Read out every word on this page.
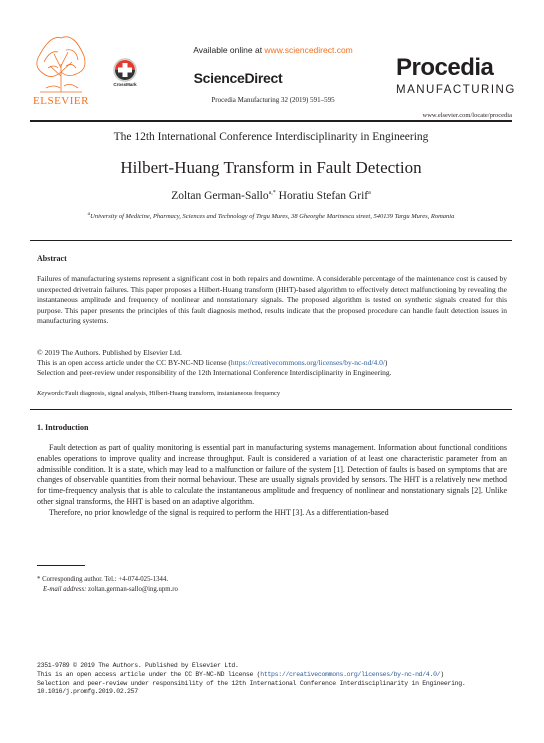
ELSEVIER
Available online at www.sciencedirect.com
CrossMark	ScienceDirect
Procedia Manufacturing 32 (2019) 591–595
Procedia
MANUFACTURING
www.elsevier.com/locate/procedia
The 12th International Conference Interdisciplinarity in Engineering
Hilbert-Huang Transform in Fault Detection
Zoltan German-Sallo$^{a,*}$ Horatiu Stefan Grif$^a$
$^a$University of Medicine, Pharmacy, Sciences and Technology of Tirgu Mures, 38 Gheorghe Marinescu street, 540139 Targu Mures, Romania
Abstract
Failures of manufacturing systems represent a significant cost in both repairs and downtime. A considerable percentage of the maintenance cost is caused by unexpected drivetrain failures. This paper proposes a Hilbert-Huang transform (HHT)-based algorithm to effectively detect malfunctioning by revealing the instantaneous amplitude and frequency of nonlinear and nonstationary signals. The proposed algorithm is tested on synthetic signals created for this purpose. This paper presents the principles of this fault diagnosis method, results indicate that the proposed procedure can handle fault detection issues in manufacturing systems.
© 2019 The Authors. Published by Elsevier Ltd.
This is an open access article under the CC BY-NC-ND license (https://creativecommons.org/licenses/by-nc-nd/4.0/)
Selection and peer-review under responsibility of the 12th International Conference Interdisciplinarity in Engineering.
Keywords:Fault diagnosis, signal analysis, Hilbert-Huang transform, instantaneous frequency
1. Introduction

Fault detection as part of quality monitoring is essential part in manufacturing systems management. Information about functional conditions enables operations to improve quality and increase throughput. Fault is considered a variation of at least one characteristic parameter from an admissible condition. It is a state, which may lead to a malfunction or failure of the system [1]. Detection of faults is based on symptoms that are changes of observable quantities from their normal behaviour. These are usually signals provided by sensors. The HHT is a relatively new method for time-frequency analysis that is able to calculate the instantaneous amplitude and frequency of nonlinear and nonstationary signals [2]. Unlike other signal transforms, the HHT is based on an adaptive algorithm.

Therefore, no prior knowledge of the signal is required to perform the HHT [3]. As a differentiation-based

* Corresponding author. Tel.: +4-074-025-1344.
E-mail address: zoltan.german-sallo@ing.upm.ro
2351-9789 © 2019 The Authors. Published by Elsevier Ltd.
This is an open access article under the CC BY-NC-ND license (https://creativecommons.org/licenses/by-nc-nd/4.0/)
Selection and peer-review under responsibility of the 12th International Conference Interdisciplinarity in Engineering.
10.1016/j.promfg.2019.02.257
